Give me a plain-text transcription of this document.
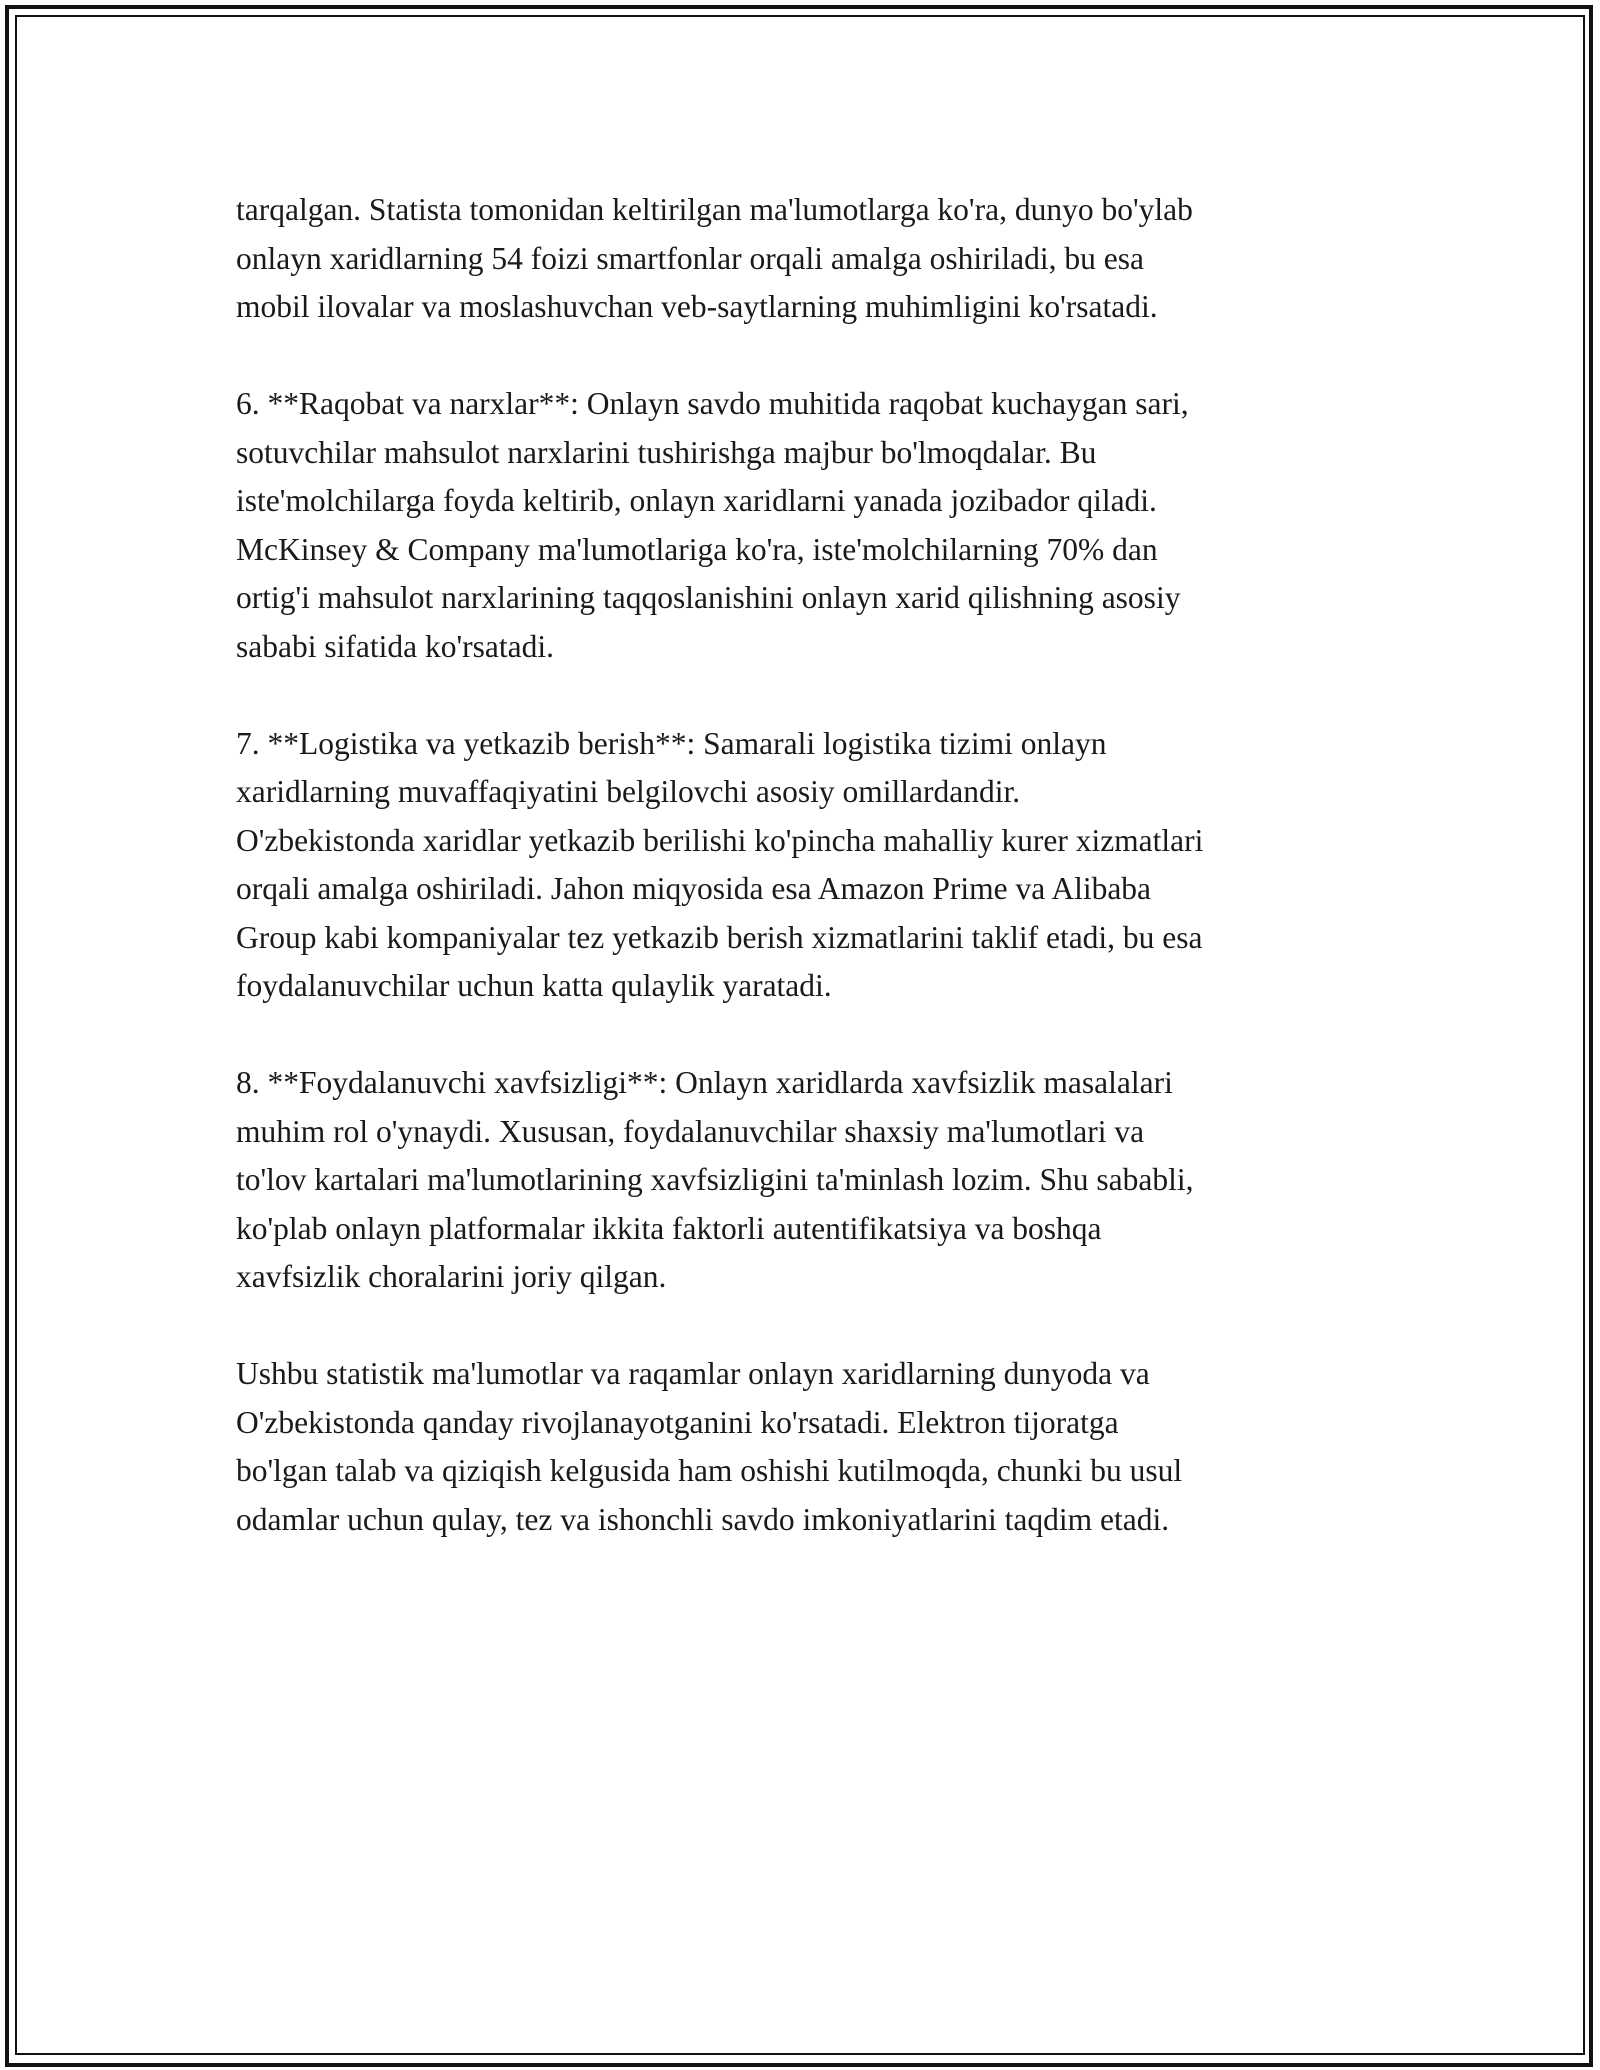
tarqalgan. Statista tomonidan keltirilgan ma'lumotlarga ko'ra, dunyo bo'ylab
onlayn xaridlarning 54 foizi smartfonlar orqali amalga oshiriladi, bu esa
mobil ilovalar va moslashuvchan veb-saytlarning muhimligini ko'rsatadi.

6. **Raqobat va narxlar**: Onlayn savdo muhitida raqobat kuchaygan sari,
sotuvchilar mahsulot narxlarini tushirishga majbur bo'lmoqdalar. Bu
iste'molchilarga foyda keltirib, onlayn xaridlarni yanada jozibador qiladi.
McKinsey & Company ma'lumotlariga ko'ra, iste'molchilarning 70% dan
ortig'i mahsulot narxlarining taqqoslanishini onlayn xarid qilishning asosiy
sababi sifatida ko'rsatadi.

7. **Logistika va yetkazib berish**: Samarali logistika tizimi onlayn
xaridlarning muvaffaqiyatini belgilovchi asosiy omillardandir.
O'zbekistonda xaridlar yetkazib berilishi ko'pincha mahalliy kurer xizmatlari
orqali amalga oshiriladi. Jahon miqyosida esa Amazon Prime va Alibaba
Group kabi kompaniyalar tez yetkazib berish xizmatlarini taklif etadi, bu esa
foydalanuvchilar uchun katta qulaylik yaratadi.

8. **Foydalanuvchi xavfsizligi**: Onlayn xaridlarda xavfsizlik masalalari
muhim rol o'ynaydi. Xususan, foydalanuvchilar shaxsiy ma'lumotlari va
to'lov kartalari ma'lumotlarining xavfsizligini ta'minlash lozim. Shu sababli,
ko'plab onlayn platformalar ikkita faktorli autentifikatsiya va boshqa
xavfsizlik choralarini joriy qilgan.

Ushbu statistik ma'lumotlar va raqamlar onlayn xaridlarning dunyoda va
O'zbekistonda qanday rivojlanayotganini ko'rsatadi. Elektron tijoratga
bo'lgan talab va qiziqish kelgusida ham oshishi kutilmoqda, chunki bu usul
odamlar uchun qulay, tez va ishonchli savdo imkoniyatlarini taqdim etadi.
